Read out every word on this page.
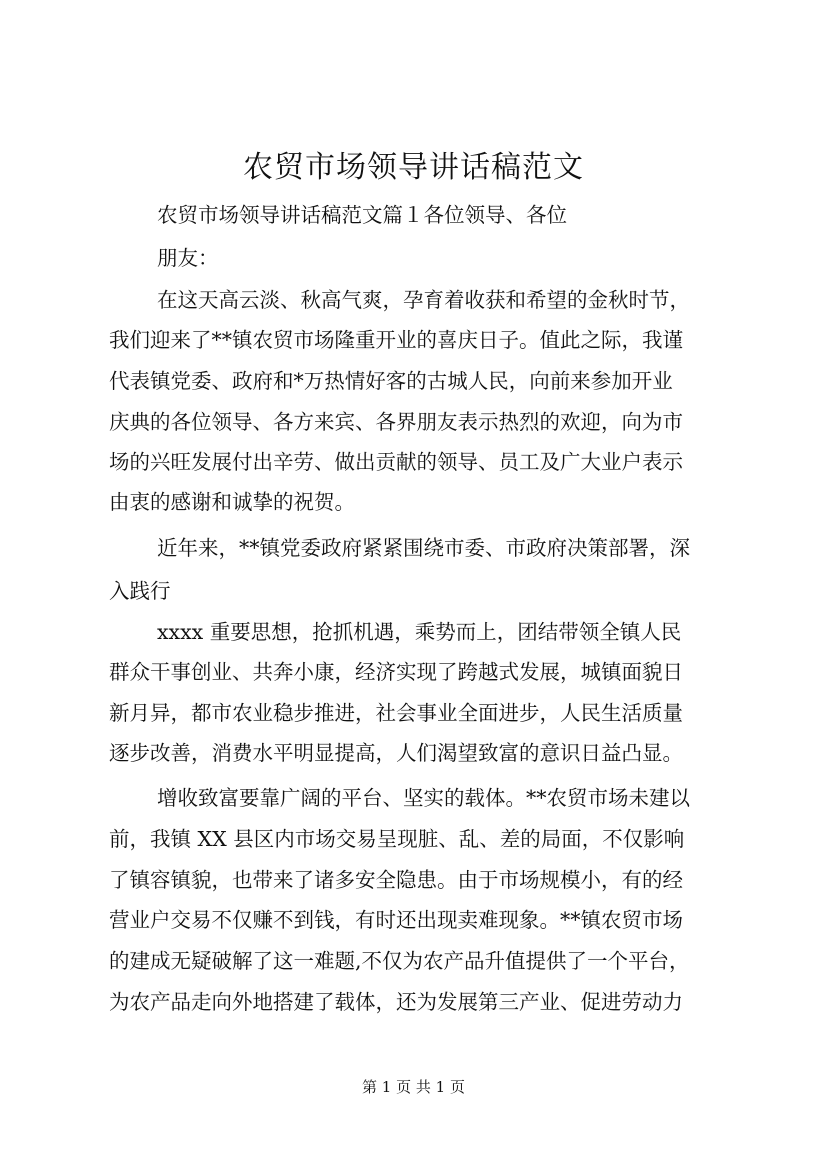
农贸市场领导讲话稿范文
农贸市场领导讲话稿范文篇１各位领导、各位
朋友：
在这天高云淡、秋高气爽，孕育着收获和希望的金秋时节，
我们迎来了**镇农贸市场隆重开业的喜庆日子。值此之际，我谨
代表镇党委、政府和*万热情好客的古城人民，向前来参加开业
庆典的各位领导、各方来宾、各界朋友表示热烈的欢迎，向为市
场的兴旺发展付出辛劳、做出贡献的领导、员工及广大业户表示
由衷的感谢和诚挚的祝贺。
近年来，**镇党委政府紧紧围绕市委、市政府决策部署，深
入践行
xxxx 重要思想，抢抓机遇，乘势而上，团结带领全镇人民
群众干事创业、共奔小康，经济实现了跨越式发展，城镇面貌日
新月异，都市农业稳步推进，社会事业全面进步，人民生活质量
逐步改善，消费水平明显提高，人们渴望致富的意识日益凸显。
增收致富要靠广阔的平台、坚实的载体。**农贸市场未建以
前，我镇 XX 县区内市场交易呈现脏、乱、差的局面，不仅影响
了镇容镇貌，也带来了诸多安全隐患。由于市场规模小，有的经
营业户交易不仅赚不到钱，有时还出现卖难现象。**镇农贸市场
的建成无疑破解了这一难题,不仅为农产品升值提供了一个平台，
为农产品走向外地搭建了载体，还为发展第三产业、促进劳动力
第 1 页 共 1 页
